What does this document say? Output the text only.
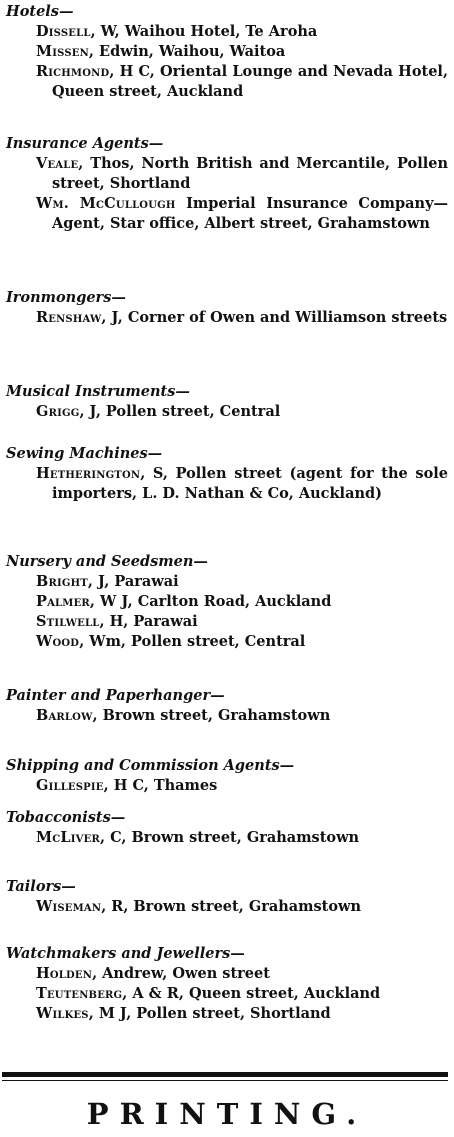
Hotels—
Dissell, W, Waihou Hotel, Te Aroha
Missen, Edwin, Waihou, Waitoa
Richmond, H C, Oriental Lounge and Nevada Hotel, Queen street, Auckland
Insurance Agents—
Veale, Thos, North British and Mercantile, Pollen street, Shortland
Wm. McCullough Imperial Insurance Company—Agent, Star office, Albert street, Grahamstown
Ironmongers—
Renshaw, J, Corner of Owen and Williamson streets
Musical Instruments—
Grigg, J, Pollen street, Central
Sewing Machines—
Hetherington, S, Pollen street (agent for the sole importers, L. D. Nathan & Co, Auckland)
Nursery and Seedsmen—
Bright, J, Parawai
Palmer, W J, Carlton Road, Auckland
Stilwell, H, Parawai
Wood, Wm, Pollen street, Central
Painter and Paperhanger—
Barlow, Brown street, Grahamstown
Shipping and Commission Agents—
Gillespie, H C, Thames
Tobacconists—
McLiver, C, Brown street, Grahamstown
Tailors—
Wiseman, R, Brown street, Grahamstown
Watchmakers and Jewellers—
Holden, Andrew, Owen street
Teutenberg, A & R, Queen street, Auckland
Wilkes, M J, Pollen street, Shortland
PRINTING.
